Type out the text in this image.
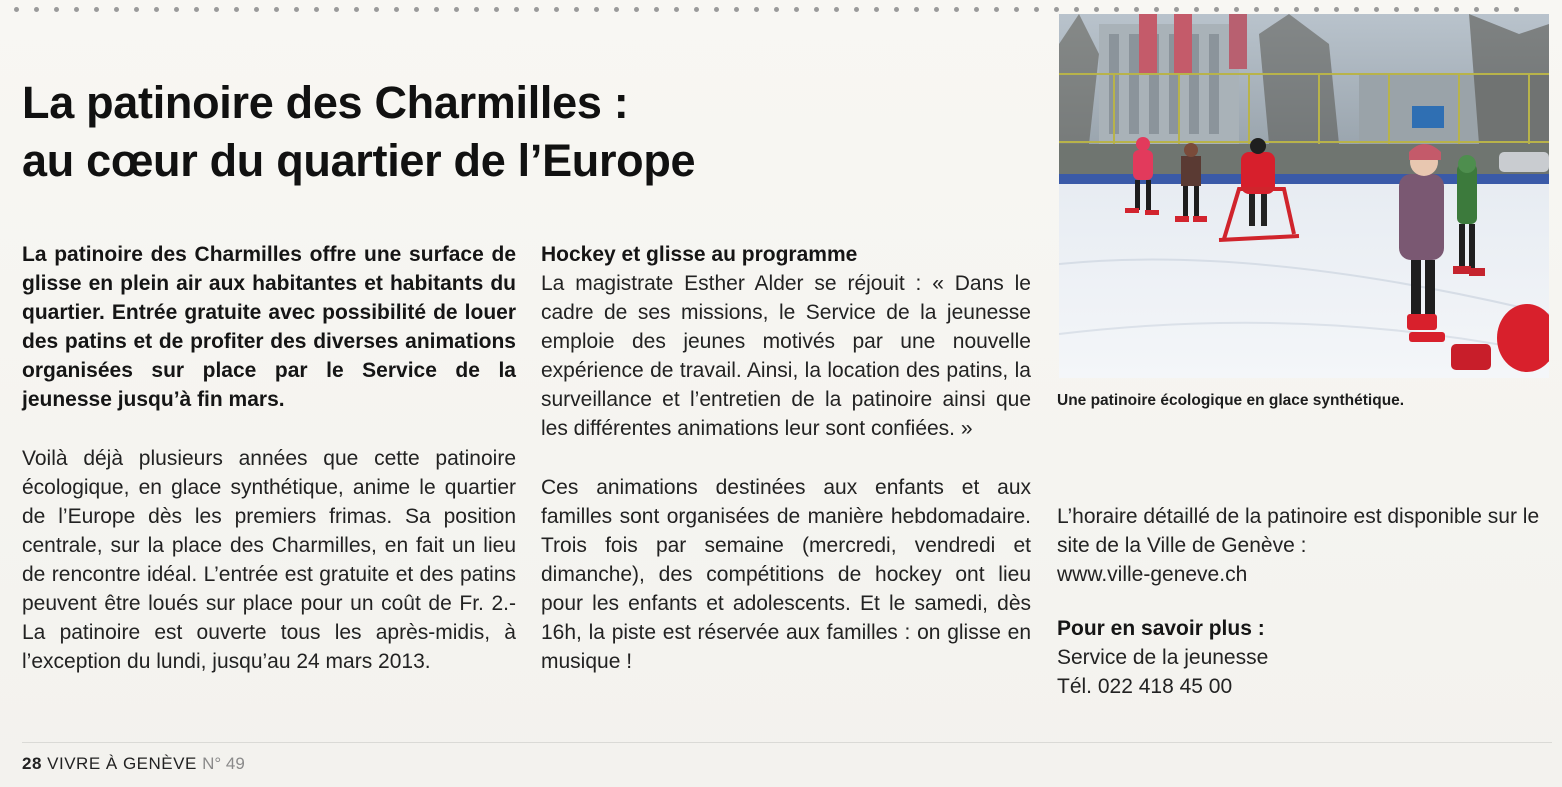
La patinoire des Charmilles :
au cœur du quartier de l’Europe

La patinoire des Charmilles offre une surface de glisse en plein air aux habitantes et habitants du quartier. Entrée gratuite avec possibilité de louer des patins et de profiter des diverses animations organisées sur place par le Service de la jeunesse jusqu’à fin mars.

Voilà déjà plusieurs années que cette patinoire écologique, en glace synthétique, anime le quartier de l’Europe dès les premiers frimas. Sa position centrale, sur la place des Charmilles, en fait un lieu de rencontre idéal. L’entrée est gratuite et des patins peuvent être loués sur place pour un coût de Fr. 2.- La patinoire est ouverte tous les après-midis, à l’exception du lundi, jusqu’au 24 mars 2013.

Hockey et glisse au programme

La magistrate Esther Alder se réjouit : « Dans le cadre de ses missions, le Service de la jeunesse emploie des jeunes motivés par une nouvelle expérience de travail. Ainsi, la location des patins, la surveillance et l’entretien de la patinoire ainsi que les différentes animations leur sont confiées. »

Ces animations destinées aux enfants et aux familles sont organisées de manière hebdomadaire. Trois fois par semaine (mercredi, vendredi et dimanche), des compétitions de hockey ont lieu pour les enfants et adolescents. Et le samedi, dès 16h, la piste est réservée aux familles : on glisse en musique !

Une patinoire écologique en glace synthétique.

L’horaire détaillé de la patinoire est disponible sur le site de la Ville de Genève :

www.ville-geneve.ch

Pour en savoir plus :

Service de la jeunesse

Tél. 022 418 45 00

28 VIVRE À GENÈVE N° 49
